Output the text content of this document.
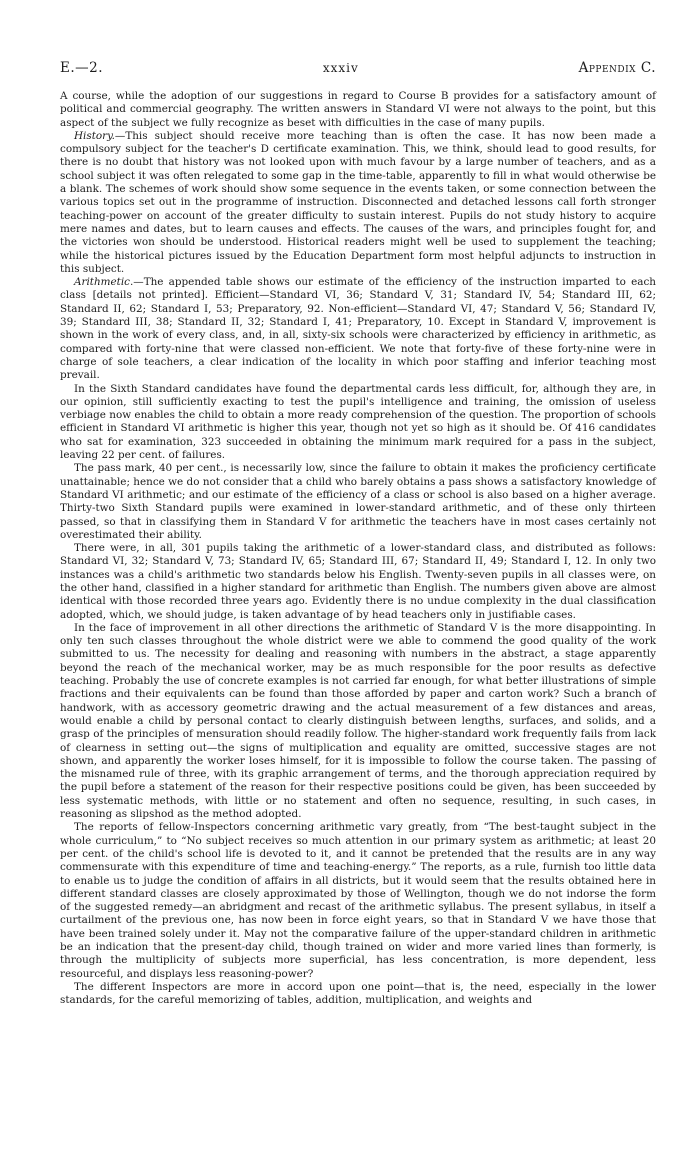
E.—2.	xxxiv	Appendix C.

A course, while the adoption of our suggestions in regard to Course B provides for a satisfactory amount of political and commercial geography. The written answers in Standard VI were not always to the point, but this aspect of the subject we fully recognize as beset with difficulties in the case of many pupils.

History.—This subject should receive more teaching than is often the case. It has now been made a compulsory subject for the teacher's D certificate examination. This, we think, should lead to good results, for there is no doubt that history was not looked upon with much favour by a large number of teachers, and as a school subject it was often relegated to some gap in the time-table, apparently to fill in what would otherwise be a blank. The schemes of work should show some sequence in the events taken, or some connection between the various topics set out in the programme of instruction. Disconnected and detached lessons call forth stronger teaching-power on account of the greater difficulty to sustain interest. Pupils do not study history to acquire mere names and dates, but to learn causes and effects. The causes of the wars, and principles fought for, and the victories won should be understood. Historical readers might well be used to supplement the teaching; while the historical pictures issued by the Education Department form most helpful adjuncts to instruction in this subject.

Arithmetic.—The appended table shows our estimate of the efficiency of the instruction imparted to each class [details not printed]. Efficient—Standard VI, 36; Standard V, 31; Standard IV, 54; Standard III, 62; Standard II, 62; Standard I, 53; Preparatory, 92. Non-efficient—Standard VI, 47; Standard V, 56; Standard IV, 39; Standard III, 38; Standard II, 32; Standard I, 41; Preparatory, 10. Except in Standard V, improvement is shown in the work of every class, and, in all, sixty-six schools were characterized by efficiency in arithmetic, as compared with forty-nine that were classed non-efficient. We note that forty-five of these forty-nine were in charge of sole teachers, a clear indication of the locality in which poor staffing and inferior teaching most prevail.

In the Sixth Standard candidates have found the departmental cards less difficult, for, although they are, in our opinion, still sufficiently exacting to test the pupil's intelligence and training, the omission of useless verbiage now enables the child to obtain a more ready comprehension of the question. The proportion of schools efficient in Standard VI arithmetic is higher this year, though not yet so high as it should be. Of 416 candidates who sat for examination, 323 succeeded in obtaining the minimum mark required for a pass in the subject, leaving 22 per cent. of failures.

The pass mark, 40 per cent., is necessarily low, since the failure to obtain it makes the proficiency certificate unattainable; hence we do not consider that a child who barely obtains a pass shows a satisfactory knowledge of Standard VI arithmetic; and our estimate of the efficiency of a class or school is also based on a higher average. Thirty-two Sixth Standard pupils were examined in lower-standard arithmetic, and of these only thirteen passed, so that in classifying them in Standard V for arithmetic the teachers have in most cases certainly not overestimated their ability.

There were, in all, 301 pupils taking the arithmetic of a lower-standard class, and distributed as follows: Standard VI, 32; Standard V, 73; Standard IV, 65; Standard III, 67; Standard II, 49; Standard I, 12. In only two instances was a child's arithmetic two standards below his English. Twenty-seven pupils in all classes were, on the other hand, classified in a higher standard for arithmetic than English. The numbers given above are almost identical with those recorded three years ago. Evidently there is no undue complexity in the dual classification adopted, which, we should judge, is taken advantage of by head teachers only in justifiable cases.

In the face of improvement in all other directions the arithmetic of Standard V is the more disappointing. In only ten such classes throughout the whole district were we able to commend the good quality of the work submitted to us. The necessity for dealing and reasoning with numbers in the abstract, a stage apparently beyond the reach of the mechanical worker, may be as much responsible for the poor results as defective teaching. Probably the use of concrete examples is not carried far enough, for what better illustrations of simple fractions and their equivalents can be found than those afforded by paper and carton work? Such a branch of handwork, with as accessory geometric drawing and the actual measurement of a few distances and areas, would enable a child by personal contact to clearly distinguish between lengths, surfaces, and solids, and a grasp of the principles of mensuration should readily follow. The higher-standard work frequently fails from lack of clearness in setting out—the signs of multiplication and equality are omitted, successive stages are not shown, and apparently the worker loses himself, for it is impossible to follow the course taken. The passing of the misnamed rule of three, with its graphic arrangement of terms, and the thorough appreciation required by the pupil before a statement of the reason for their respective positions could be given, has been succeeded by less systematic methods, with little or no statement and often no sequence, resulting, in such cases, in reasoning as slipshod as the method adopted.

The reports of fellow-Inspectors concerning arithmetic vary greatly, from “The best-taught subject in the whole curriculum,” to “No subject receives so much attention in our primary system as arithmetic; at least 20 per cent. of the child's school life is devoted to it, and it cannot be pretended that the results are in any way commensurate with this expenditure of time and teaching-energy.” The reports, as a rule, furnish too little data to enable us to judge the condition of affairs in all districts, but it would seem that the results obtained here in different standard classes are closely approximated by those of Wellington, though we do not indorse the form of the suggested remedy—an abridgment and recast of the arithmetic syllabus. The present syllabus, in itself a curtailment of the previous one, has now been in force eight years, so that in Standard V we have those that have been trained solely under it. May not the comparative failure of the upper-standard children in arithmetic be an indication that the present-day child, though trained on wider and more varied lines than formerly, is through the multiplicity of subjects more superficial, has less concentration, is more dependent, less resourceful, and displays less reasoning-power?

The different Inspectors are more in accord upon one point—that is, the need, especially in the lower standards, for the careful memorizing of tables, addition, multiplication, and weights and
